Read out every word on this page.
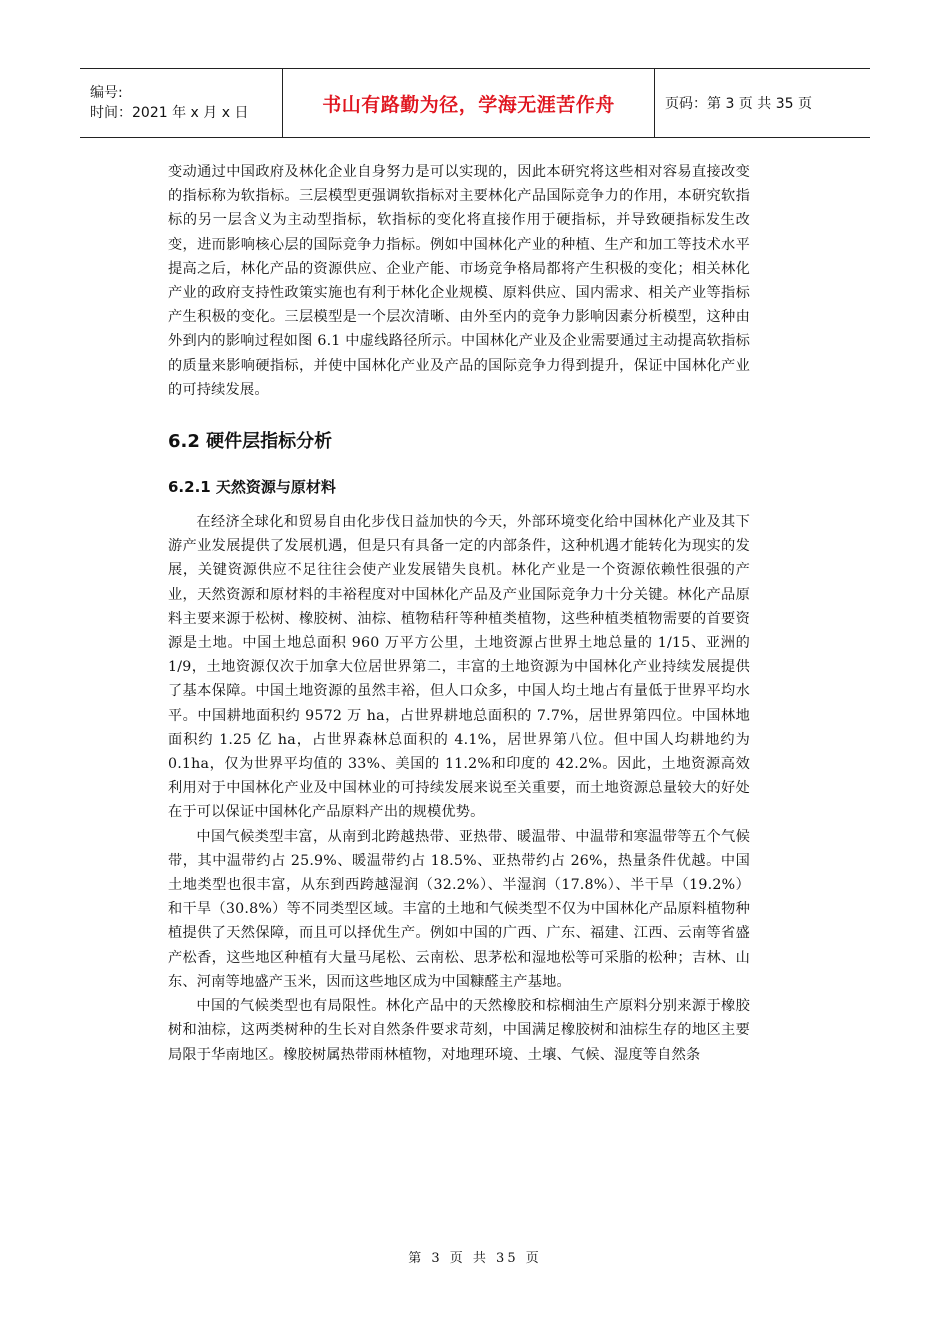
编号:
时间：2021 年 x 月 x 日	书山有路勤为径，学海无涯苦作舟	页码：第 3 页 共 35 页

变动通过中国政府及林化企业自身努力是可以实现的，因此本研究将这些相对容易直接改变的指标称为软指标。三层模型更强调软指标对主要林化产品国际竞争力的作用，本研究软指标的另一层含义为主动型指标，软指标的变化将直接作用于硬指标，并导致硬指标发生改变，进而影响核心层的国际竞争力指标。例如中国林化产业的种植、生产和加工等技术水平提高之后，林化产品的资源供应、企业产能、市场竞争格局都将产生积极的变化；相关林化产业的政府支持性政策实施也有利于林化企业规模、原料供应、国内需求、相关产业等指标产生积极的变化。三层模型是一个层次清晰、由外至内的竞争力影响因素分析模型，这种由外到内的影响过程如图 6.1 中虚线路径所示。中国林化产业及企业需要通过主动提高软指标的质量来影响硬指标，并使中国林化产业及产品的国际竞争力得到提升，保证中国林化产业的可持续发展。

6.2 硬件层指标分析
6.2.1 天然资源与原材料

在经济全球化和贸易自由化步伐日益加快的今天，外部环境变化给中国林化产业及其下游产业发展提供了发展机遇，但是只有具备一定的内部条件，这种机遇才能转化为现实的发展，关键资源供应不足往往会使产业发展错失良机。林化产业是一个资源依赖性很强的产业，天然资源和原材料的丰裕程度对中国林化产品及产业国际竞争力十分关键。林化产品原料主要来源于松树、橡胶树、油棕、植物秸秆等种植类植物，这些种植类植物需要的首要资源是土地。中国土地总面积 960 万平方公里，土地资源占世界土地总量的 1/15、亚洲的 1/9，土地资源仅次于加拿大位居世界第二，丰富的土地资源为中国林化产业持续发展提供了基本保障。中国土地资源的虽然丰裕，但人口众多，中国人均土地占有量低于世界平均水平。中国耕地面积约 9572 万 ha，占世界耕地总面积的 7.7%，居世界第四位。中国林地面积约 1.25 亿 ha，占世界森林总面积的 4.1%，居世界第八位。但中国人均耕地约为 0.1ha，仅为世界平均值的 33%、美国的 11.2%和印度的 42.2%。因此，土地资源高效利用对于中国林化产业及中国林业的可持续发展来说至关重要，而土地资源总量较大的好处在于可以保证中国林化产品原料产出的规模优势。

中国气候类型丰富，从南到北跨越热带、亚热带、暖温带、中温带和寒温带等五个气候带，其中温带约占 25.9%、暖温带约占 18.5%、亚热带约占 26%，热量条件优越。中国土地类型也很丰富，从东到西跨越湿润（32.2%）、半湿润（17.8%）、半干旱（19.2%）和干旱（30.8%）等不同类型区域。丰富的土地和气候类型不仅为中国林化产品原料植物种植提供了天然保障，而且可以择优生产。例如中国的广西、广东、福建、江西、云南等省盛产松香，这些地区种植有大量马尾松、云南松、思茅松和湿地松等可采脂的松种；吉林、山东、河南等地盛产玉米，因而这些地区成为中国糠醛主产基地。

中国的气候类型也有局限性。林化产品中的天然橡胶和棕榈油生产原料分别来源于橡胶树和油棕，这两类树种的生长对自然条件要求苛刻，中国满足橡胶树和油棕生存的地区主要局限于华南地区。橡胶树属热带雨林植物，对地理环境、土壤、气候、湿度等自然条

第 3 页 共 35 页
